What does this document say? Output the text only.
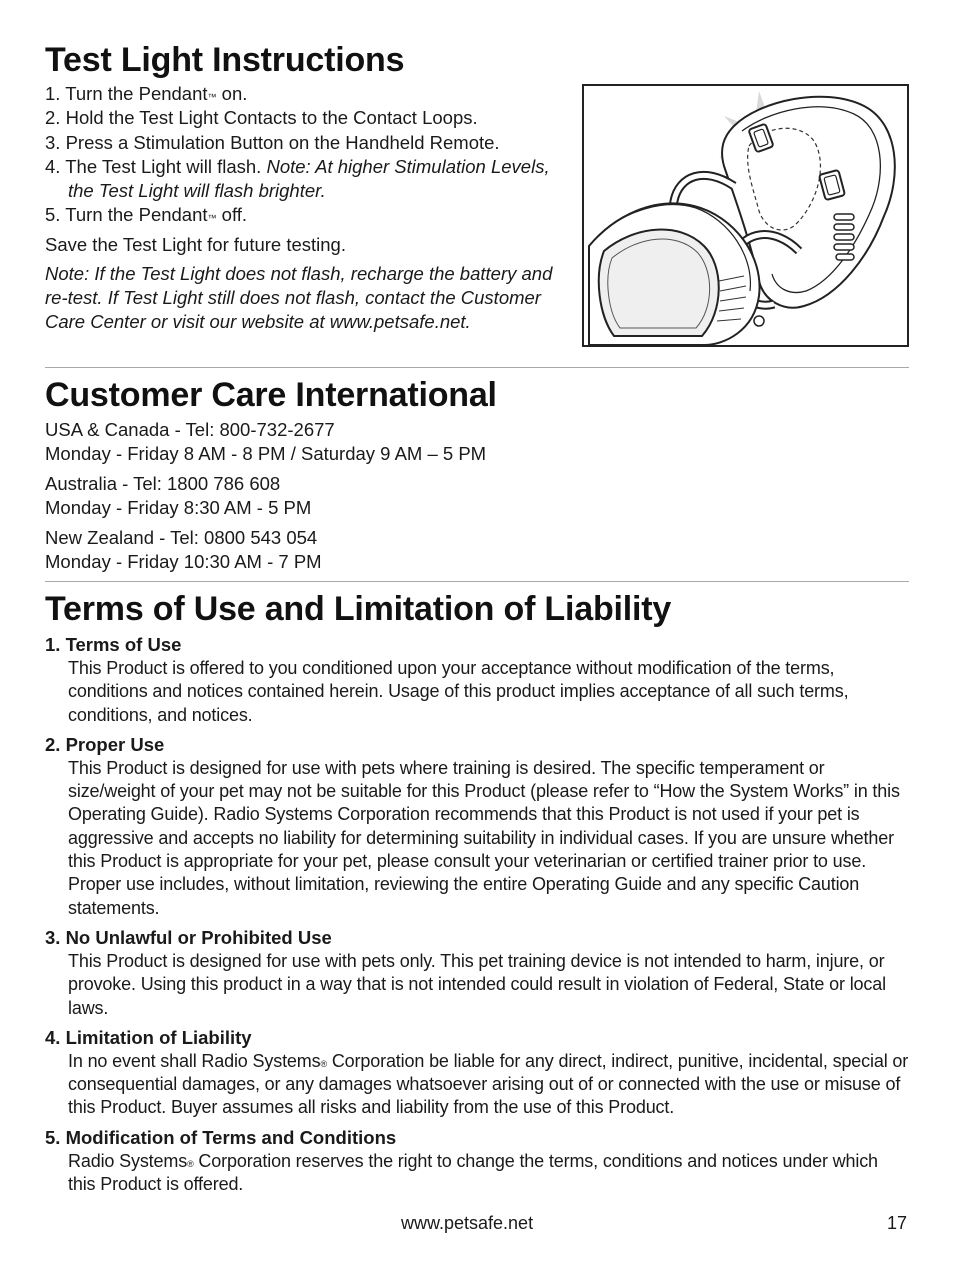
Test Light Instructions
1. Turn the Pendant™ on.
2. Hold the Test Light Contacts to the Contact Loops.
3. Press a Stimulation Button on the Handheld Remote.
4. The Test Light will flash. Note: At higher Stimulation Levels, the Test Light will flash brighter.
5. Turn the Pendant™ off.
Save the Test Light for future testing.
Note: If the Test Light does not flash, recharge the battery and re-test. If Test Light still does not flash, contact the Customer Care Center or visit our website at www.petsafe.net.
Customer Care International
USA & Canada - Tel: 800-732-2677
Monday - Friday 8 AM - 8 PM / Saturday 9 AM – 5 PM
Australia - Tel: 1800 786 608
Monday - Friday 8:30 AM - 5 PM
New Zealand - Tel: 0800 543 054
Monday - Friday 10:30 AM - 7 PM
Terms of Use and Limitation of Liability
1. Terms of Use
This Product is offered to you conditioned upon your acceptance without modification of the terms, conditions and notices contained herein. Usage of this product implies acceptance of all such terms, conditions, and notices.
2. Proper Use
This Product is designed for use with pets where training is desired. The specific temperament or size/weight of your pet may not be suitable for this Product (please refer to “How the System Works” in this Operating Guide). Radio Systems Corporation recommends that this Product is not used if your pet is aggressive and accepts no liability for determining suitability in individual cases. If you are unsure whether this Product is appropriate for your pet, please consult your veterinarian or certified trainer prior to use. Proper use includes, without limitation, reviewing the entire Operating Guide and any specific Caution statements.
3. No Unlawful or Prohibited Use
This Product is designed for use with pets only. This pet training device is not intended to harm, injure, or provoke. Using this product in a way that is not intended could result in violation of Federal, State or local laws.
4. Limitation of Liability
In no event shall Radio Systems® Corporation be liable for any direct, indirect, punitive, incidental, special or consequential damages, or any damages whatsoever arising out of or connected with the use or misuse of this Product. Buyer assumes all risks and liability from the use of this Product.
5. Modification of Terms and Conditions
Radio Systems® Corporation reserves the right to change the terms, conditions and notices under which this Product is offered.
www.petsafe.net	17
